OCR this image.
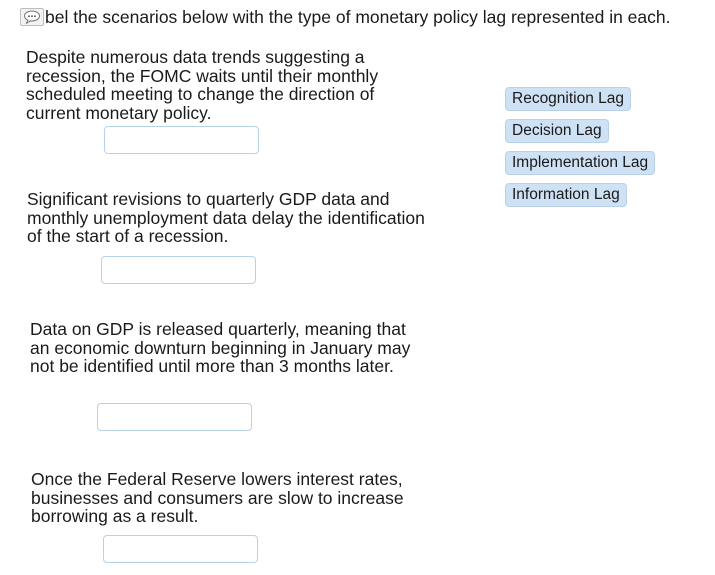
bel the scenarios below with the type of monetary policy lag represented in each.
Despite numerous data trends suggesting a recession, the FOMC waits until their monthly scheduled meeting to change the direction of current monetary policy.
Significant revisions to quarterly GDP data and monthly unemployment data delay the identification of the start of a recession.
Data on GDP is released quarterly, meaning that an economic downturn beginning in January may not be identified until more than 3 months later.
Once the Federal Reserve lowers interest rates, businesses and consumers are slow to increase borrowing as a result.
Recognition Lag
Decision Lag
Implementation Lag
Information Lag
